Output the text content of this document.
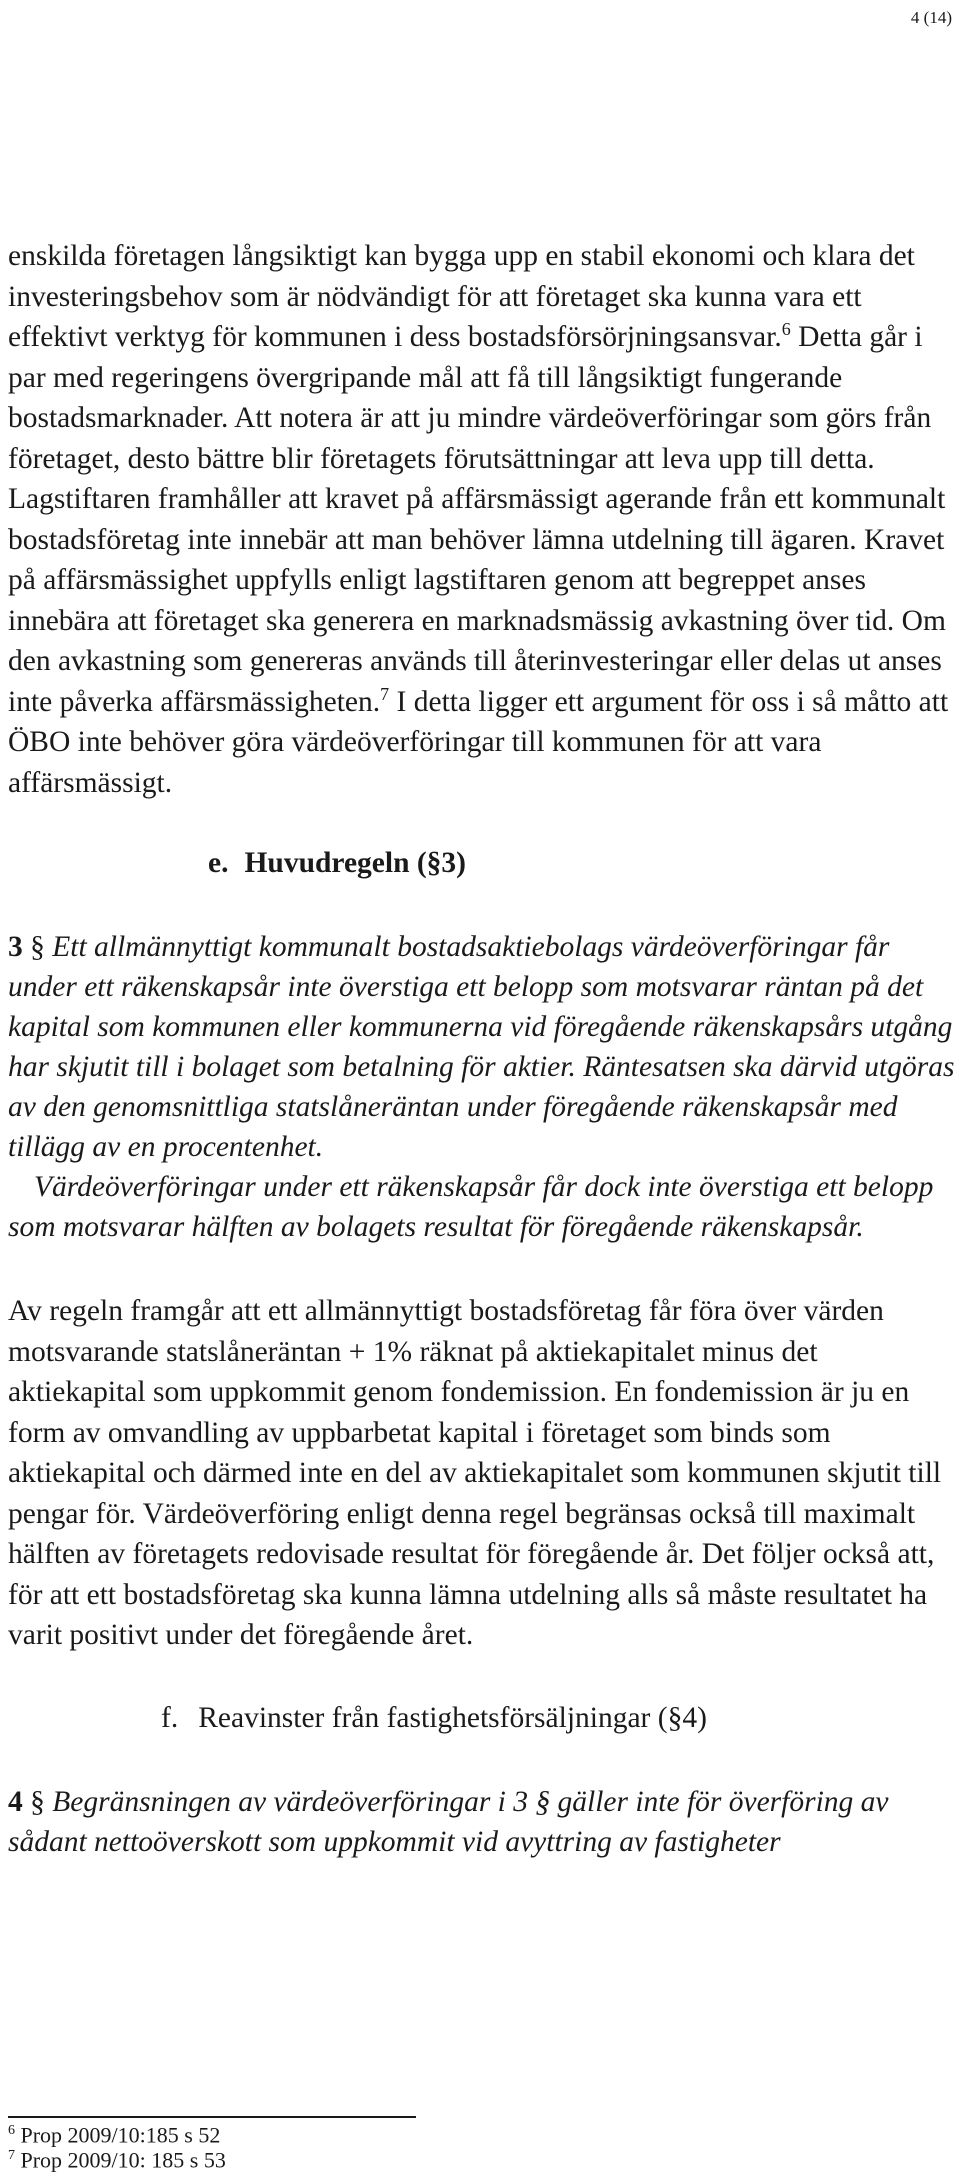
4 (14)
enskilda företagen långsiktigt kan bygga upp en stabil ekonomi och klara det investeringsbehov som är nödvändigt för att företaget ska kunna vara ett effektivt verktyg för kommunen i dess bostadsförsörjningsansvar.$^6$ Detta går i par med regeringens övergripande mål att få till långsiktigt fungerande bostadsmarknader. Att notera är att ju mindre värdeöverföringar som görs från företaget, desto bättre blir företagets förutsättningar att leva upp till detta. Lagstiftaren framhåller att kravet på affärsmässigt agerande från ett kommunalt bostadsföretag inte innebär att man behöver lämna utdelning till ägaren. Kravet på affärsmässighet uppfylls enligt lagstiftaren genom att begreppet anses innebära att företaget ska generera en marknadsmässig avkastning över tid. Om den avkastning som genereras används till återinvesteringar eller delas ut anses inte påverka affärsmässigheten.$^7$ I detta ligger ett argument för oss i så måtto att ÖBO inte behöver göra värdeöverföringar till kommunen för att vara affärsmässigt.
e. Huvudregeln (§3)
3 § Ett allmännyttigt kommunalt bostadsaktiebolags värdeöverföringar får under ett räkenskapsår inte överstiga ett belopp som motsvarar räntan på det kapital som kommunen eller kommunerna vid föregående räkenskapsårs utgång har skjutit till i bolaget som betalning för aktier. Räntesatsen ska därvid utgöras av den genomsnittliga statslåneräntan under föregående räkenskapsår med tillägg av en procentenhet.
Värdeöverföringar under ett räkenskapsår får dock inte överstiga ett belopp som motsvarar hälften av bolagets resultat för föregående räkenskapsår.
Av regeln framgår att ett allmännyttigt bostadsföretag får föra över värden motsvarande statslåneräntan + 1% räknat på aktiekapitalet minus det aktiekapital som uppkommit genom fondemission. En fondemission är ju en form av omvandling av uppbarbetat kapital i företaget som binds som aktiekapital och därmed inte en del av aktiekapitalet som kommunen skjutit till pengar för. Värdeöverföring enligt denna regel begränsas också till maximalt hälften av företagets redovisade resultat för föregående år. Det följer också att, för att ett bostadsföretag ska kunna lämna utdelning alls så måste resultatet ha varit positivt under det föregående året.
f. Reavinster från fastighetsförsäljningar (§4)
4 § Begränsningen av värdeöverföringar i 3 § gäller inte för överföring av sådant nettoöverskott som uppkommit vid avyttring av fastigheter
$^6$ Prop 2009/10:185 s 52
$^7$ Prop 2009/10: 185 s 53
